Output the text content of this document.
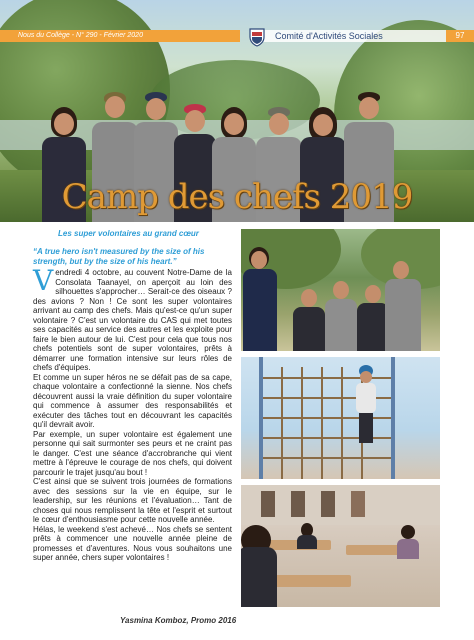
Camp des chefs 2019
Nous du Collège - N° 290 - Février 2020	Comité d'Activités Sociales	97
Les super volontaires au grand cœur
“A true hero isn't measured by the size of his strength, but by the size of his heart.”
V endredi 4 octobre, au couvent Notre-Dame de la Consolata Taanayel, on aperçoit au loin des silhouettes s'approcher… Serait-ce des oiseaux ? des avions ? Non ! Ce sont les super volontaires arrivant au camp des chefs. Mais qu'est-ce qu'un super volontaire ? C'est un volontaire du CAS qui met toutes ses capacités au service des autres et les exploite pour faire le bien autour de lui. C'est pour cela que tous nos chefs potentiels sont de super volontaires, prêts à démarrer une formation intensive sur leurs rôles de chefs d'équipes.

Et comme un super héros ne se défait pas de sa cape, chaque volontaire a confectionné la sienne. Nos chefs découvrent aussi la vraie définition du super volontaire qui commence à assumer des responsabilités et exécuter des tâches tout en découvrant les capacités qu'il devrait avoir.

Par exemple, un super volontaire est également une personne qui sait surmonter ses peurs et ne craint pas le danger. C'est une séance d'accrobranche qui vient mettre à l'épreuve le courage de nos chefs, qui doivent parcourir le trajet jusqu'au bout !

C'est ainsi que se suivent trois journées de formations avec des sessions sur la vie en équipe, sur le leadership, sur les réunions et l'évaluation… Tant de choses qui nous remplissent la tête et l'esprit et surtout le cœur d'enthousiasme pour cette nouvelle année.

Hélas, le weekend s'est achevé… Nos chefs se sentent prêts à commencer une nouvelle année pleine de promesses et d'aventures. Nous vous souhaitons une super année, chers super volontaires !

Yasmina Komboz, Promo 2016
